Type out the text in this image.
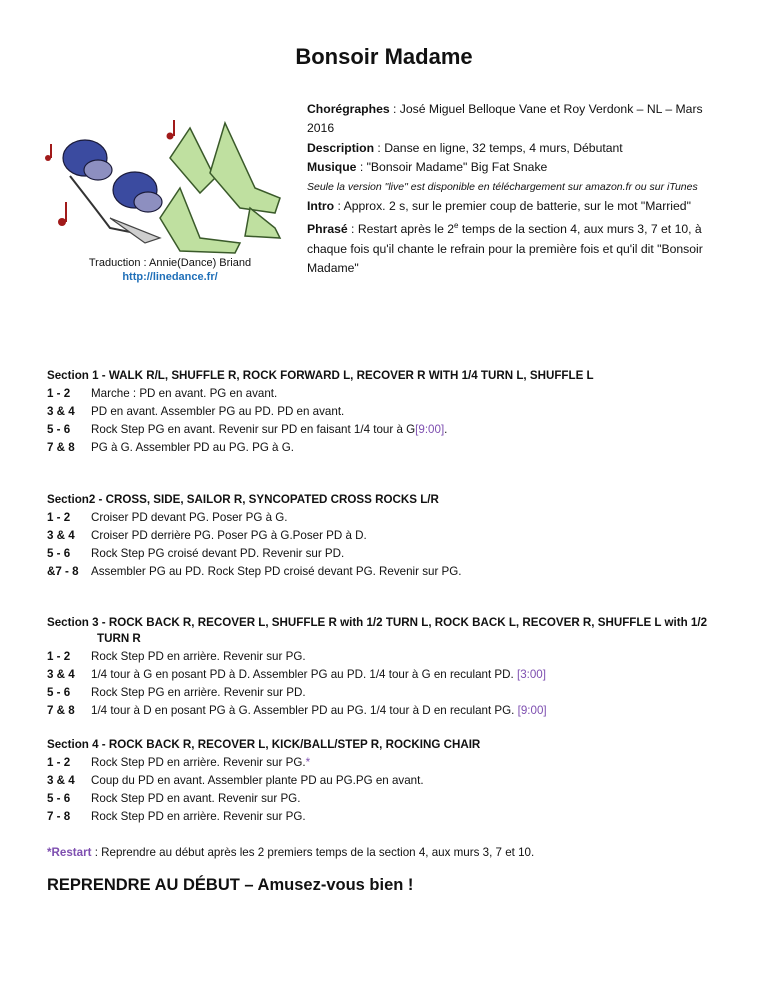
Bonsoir Madame
Traduction : Annie(Dance) Briand
http://linedance.fr/
Chorégraphes : José Miguel Belloque Vane et Roy Verdonk – NL – Mars 2016
Description : Danse en ligne, 32 temps, 4 murs, Débutant
Musique : "Bonsoir Madame" Big Fat Snake
Seule la version "live" est disponible en téléchargement sur amazon.fr ou sur iTunes
Intro : Approx. 2 s, sur le premier coup de batterie, sur le mot "Married"
Phrasé : Restart après le 2e temps de la section 4, aux murs 3, 7 et 10, à chaque fois qu'il chante le refrain pour la première fois et qu'il dit "Bonsoir Madame"
Section 1 - WALK R/L, SHUFFLE R, ROCK FORWARD L, RECOVER R WITH 1/4 TURN L, SHUFFLE L
1 - 2 Marche : PD en avant. PG en avant.
3 & 4 PD en avant. Assembler PG au PD. PD en avant.
5 - 6 Rock Step PG en avant. Revenir sur PD en faisant 1/4 tour à G[9:00].
7 & 8 PG à G. Assembler PD au PG. PG à G.
Section2 - CROSS, SIDE, SAILOR R, SYNCOPATED CROSS ROCKS L/R
1 - 2 Croiser PD devant PG. Poser PG à G.
3 & 4 Croiser PD derrière PG. Poser PG à G.Poser PD à D.
5 - 6 Rock Step PG croisé devant PD. Revenir sur PD.
&7 - 8 Assembler PG au PD. Rock Step PD croisé devant PG. Revenir sur PG.
Section 3 - ROCK BACK R, RECOVER L, SHUFFLE R with 1/2 TURN L, ROCK BACK L, RECOVER R, SHUFFLE L with 1/2
TURN R
1 - 2 Rock Step PD en arrière. Revenir sur PG.
3 & 4 1/4 tour à G en posant PD à D. Assembler PG au PD. 1/4 tour à G en reculant PD. [3:00]
5 - 6 Rock Step PG en arrière. Revenir sur PD.
7 & 8 1/4 tour à D en posant PG à G. Assembler PD au PG. 1/4 tour à D en reculant PG. [9:00]
Section 4 - ROCK BACK R, RECOVER L, KICK/BALL/STEP R, ROCKING CHAIR
1 - 2 Rock Step PD en arrière. Revenir sur PG.*
3 & 4 Coup du PD en avant. Assembler plante PD au PG.PG en avant.
5 - 6 Rock Step PD en avant. Revenir sur PG.
7 - 8 Rock Step PD en arrière. Revenir sur PG.
*Restart : Reprendre au début après les 2 premiers temps de la section 4, aux murs 3, 7 et 10.
REPRENDRE AU DÉBUT – Amusez-vous bien !
